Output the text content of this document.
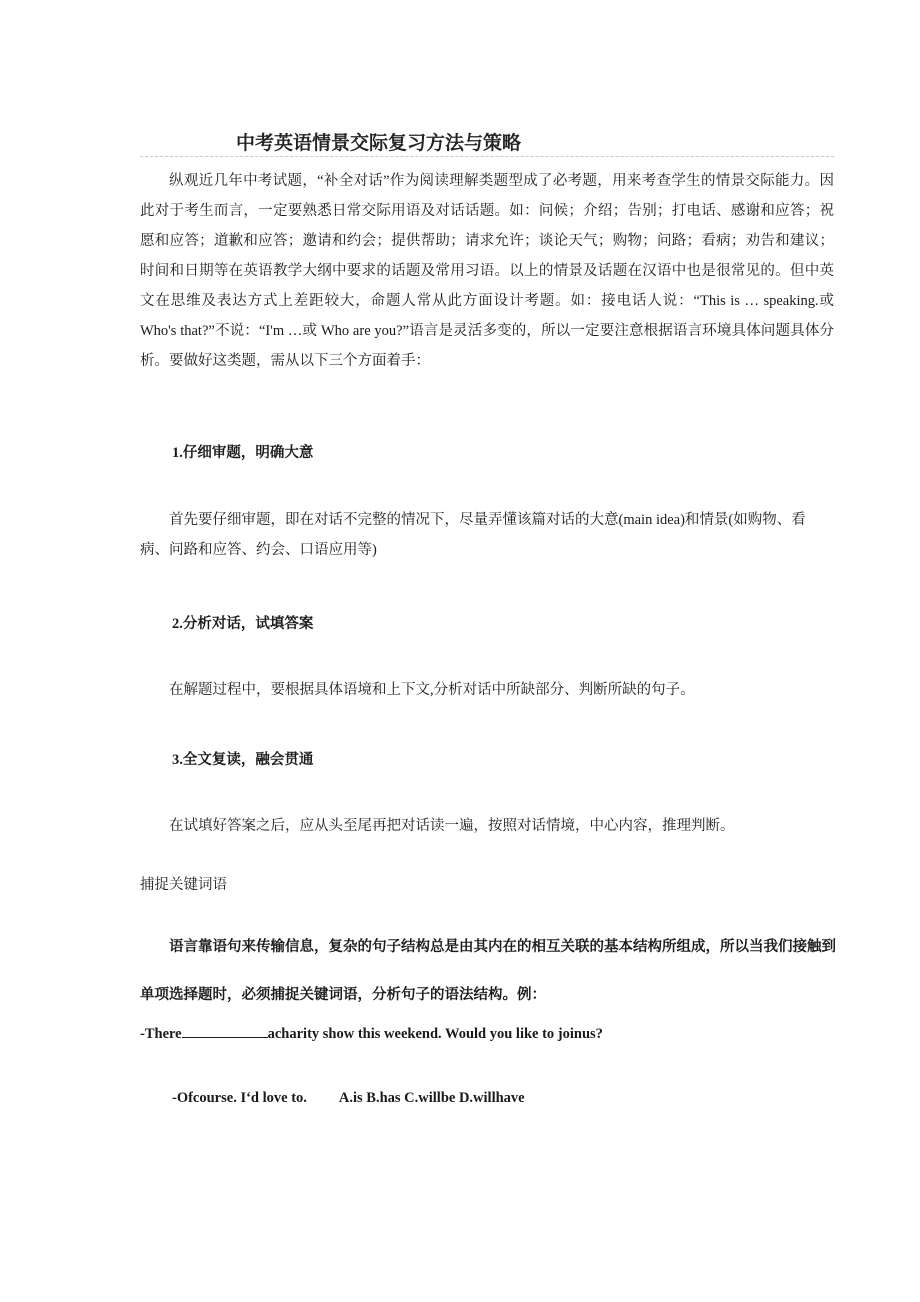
中考英语情景交际复习方法与策略

纵观近几年中考试题，“补全对话”作为阅读理解类题型成了必考题，用来考查学生的情景交际能力。因此对于考生而言，一定要熟悉日常交际用语及对话话题。如：问候；介绍；告别；打电话、感谢和应答；祝愿和应答；道歉和应答；邀请和约会；提供帮助；请求允许；谈论天气；购物；问路；看病；劝告和建议；时间和日期等在英语教学大纲中要求的话题及常用习语。以上的情景及话题在汉语中也是很常见的。但中英文在思维及表达方式上差距较大，命题人常从此方面设计考题。如：接电话人说：“This is … speaking.或 Who's that?”不说：“I'm …或 Who are you?”语言是灵活多变的，所以一定要注意根据语言环境具体问题具体分析。要做好这类题，需从以下三个方面着手：

1.仔细审题，明确大意

首先要仔细审题，即在对话不完整的情况下，尽量弄懂该篇对话的大意(main idea)和情景(如购物、看病、问路和应答、约会、口语应用等)

2.分析对话，试填答案

在解题过程中，要根据具体语境和上下文,分析对话中所缺部分、判断所缺的句子。

3.全文复读，融会贯通

在试填好答案之后，应从头至尾再把对话读一遍，按照对话情境，中心内容，推理判断。

捕捉关键词语

语言靠语句来传输信息，复杂的句子结构总是由其内在的相互关联的基本结构所组成，所以当我们接触到单项选择题时，必须捕捉关键词语，分析句子的语法结构。例：

-There	acharity show this weekend. Would you like to joinus?
-Ofcourse. I‘d love to. A.is B.has C.willbe D.willhave
